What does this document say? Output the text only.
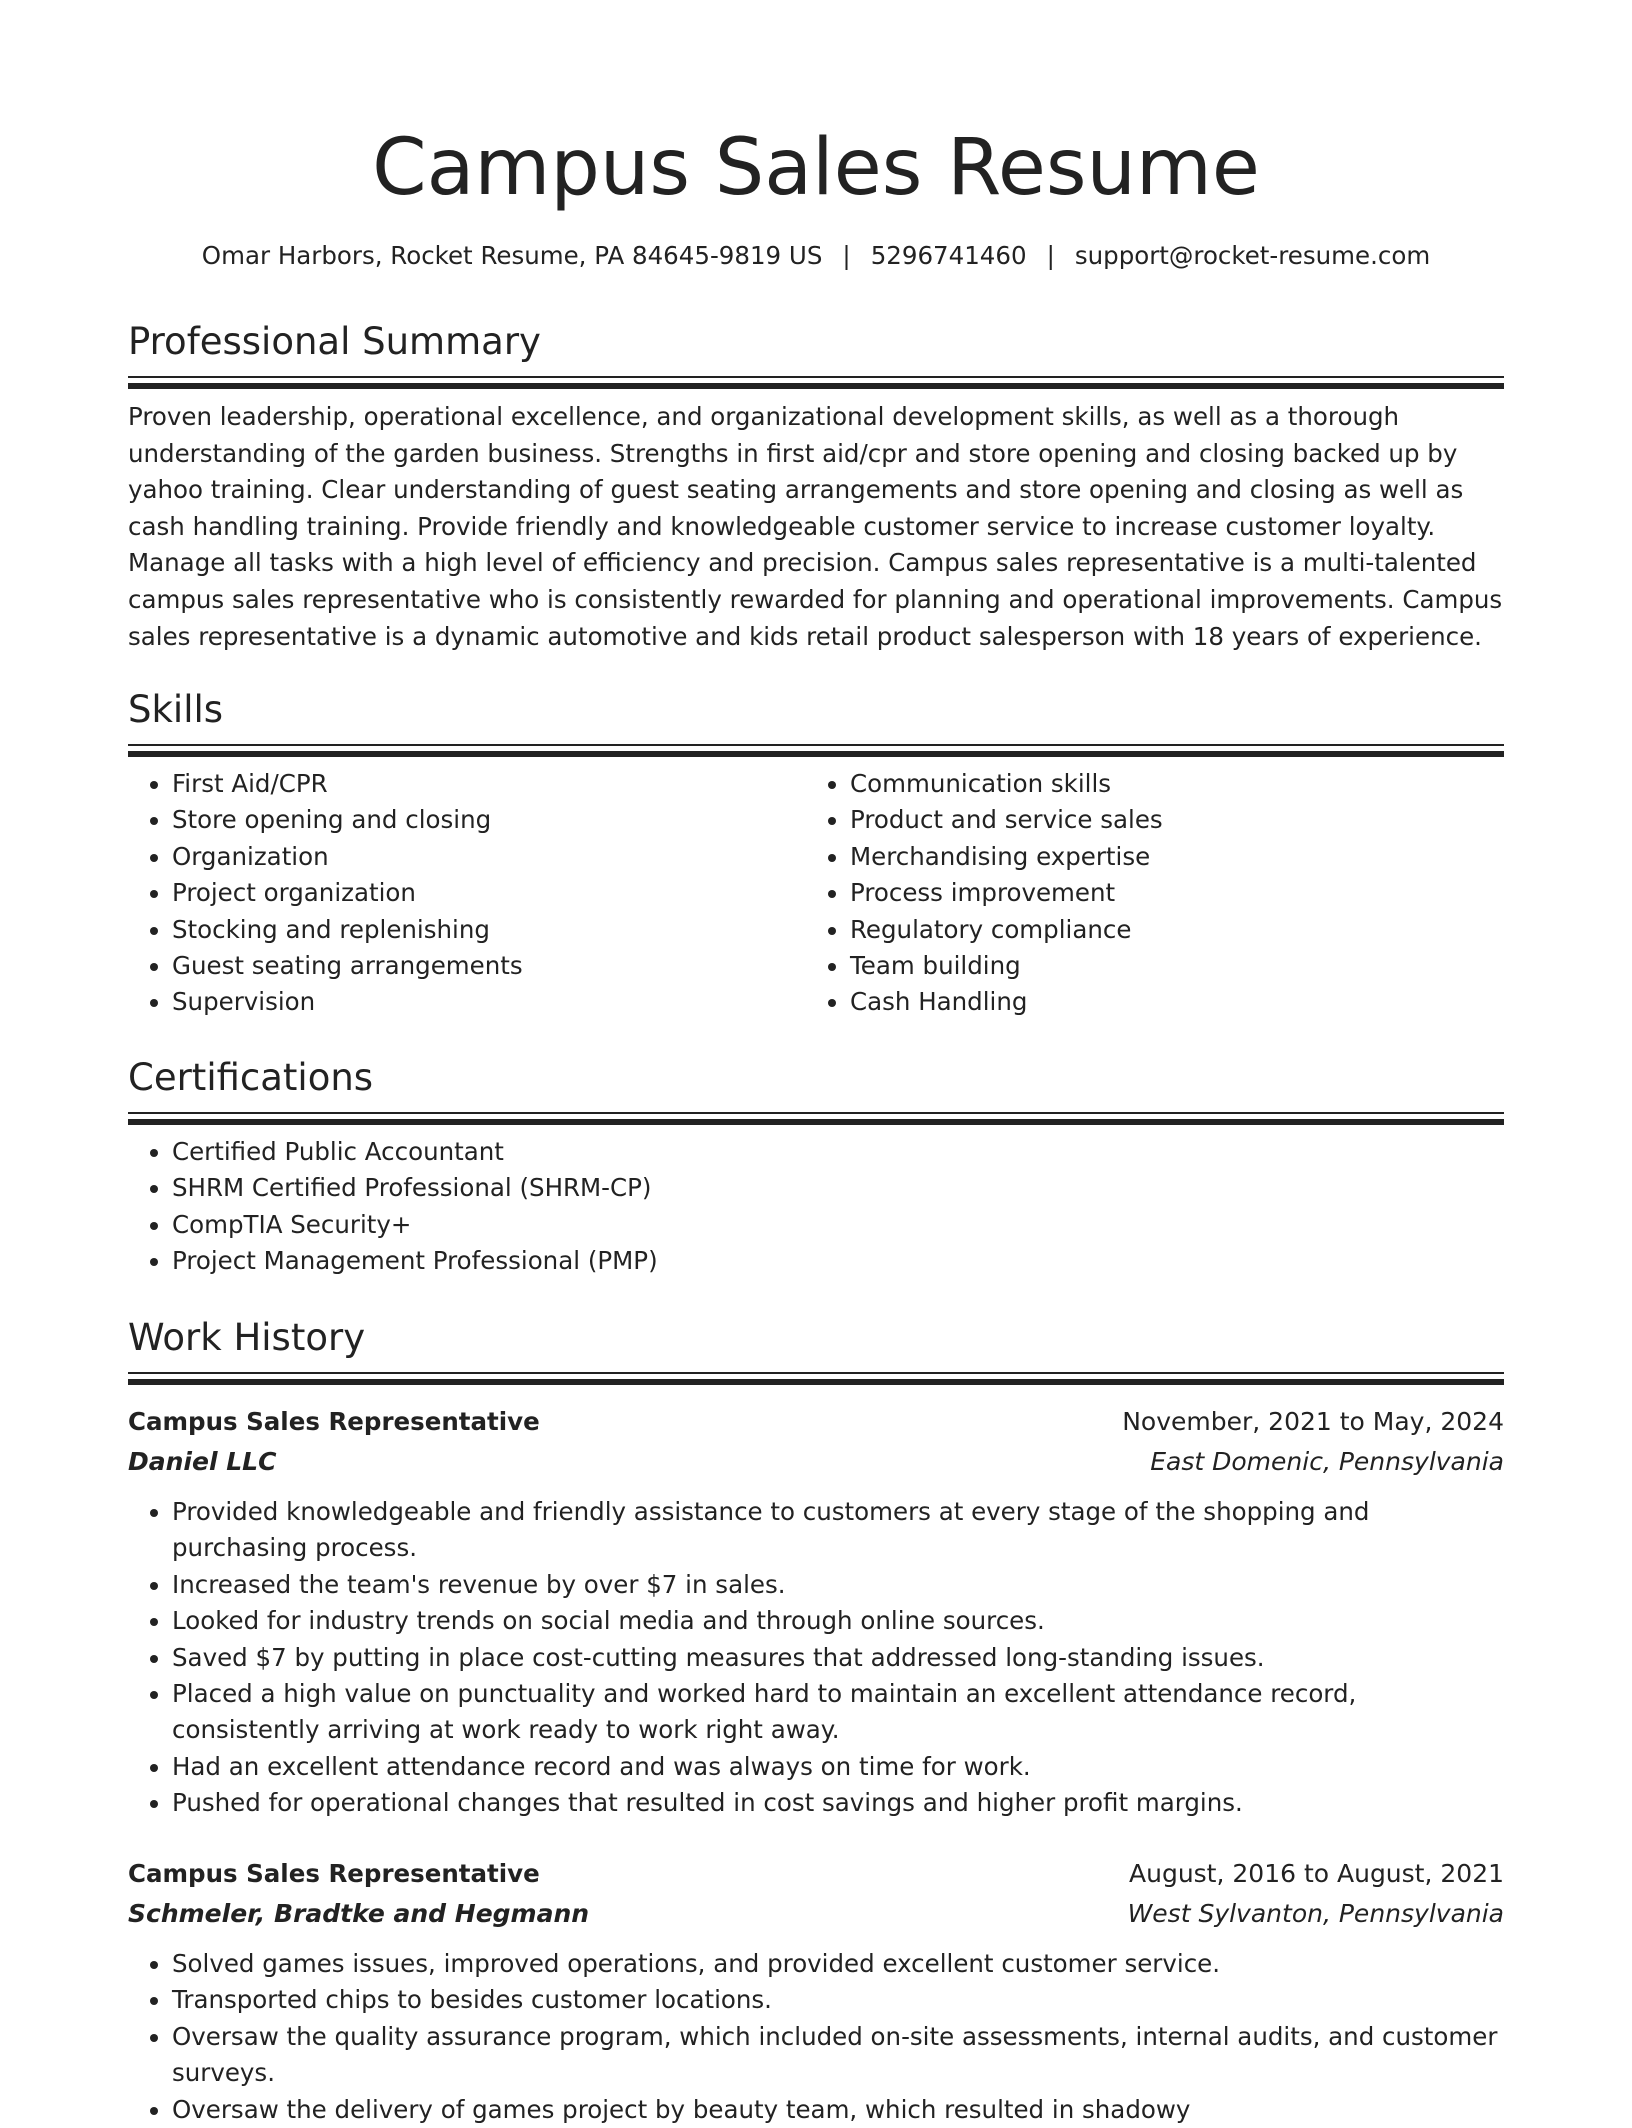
Campus Sales Resume
Omar Harbors, Rocket Resume, PA 84645-9819 US | 5296741460 | support@rocket-resume.com
Professional Summary

Proven leadership, operational excellence, and organizational development skills, as well as a thorough understanding of the garden business. Strengths in first aid/cpr and store opening and closing backed up by yahoo training. Clear understanding of guest seating arrangements and store opening and closing as well as cash handling training. Provide friendly and knowledgeable customer service to increase customer loyalty. Manage all tasks with a high level of efficiency and precision. Campus sales representative is a multi-talented campus sales representative who is consistently rewarded for planning and operational improvements. Campus sales representative is a dynamic automotive and kids retail product salesperson with 18 years of experience.

Skills
• First Aid/CPR
• Store opening and closing
• Organization
• Project organization
• Stocking and replenishing
• Guest seating arrangements
• Supervision
• Communication skills
• Product and service sales
• Merchandising expertise
• Process improvement
• Regulatory compliance
• Team building
• Cash Handling
Certifications
• Certified Public Accountant
• SHRM Certified Professional (SHRM-CP)
• CompTIA Security+
• Project Management Professional (PMP)
Work History
Campus Sales Representative	November, 2021 to May, 2024
Daniel LLC	East Domenic, Pennsylvania
• Provided knowledgeable and friendly assistance to customers at every stage of the shopping and purchasing process.
• Increased the team's revenue by over $7 in sales.
• Looked for industry trends on social media and through online sources.
• Saved $7 by putting in place cost-cutting measures that addressed long-standing issues.
• Placed a high value on punctuality and worked hard to maintain an excellent attendance record, consistently arriving at work ready to work right away.
• Had an excellent attendance record and was always on time for work.
• Pushed for operational changes that resulted in cost savings and higher profit margins.
Campus Sales Representative	August, 2016 to August, 2021
Schmeler, Bradtke and Hegmann	West Sylvanton, Pennsylvania
• Solved games issues, improved operations, and provided excellent customer service.
• Transported chips to besides customer locations.
• Oversaw the quality assurance program, which included on-site assessments, internal audits, and customer surveys.
• Oversaw the delivery of games project by beauty team, which resulted in shadowy
